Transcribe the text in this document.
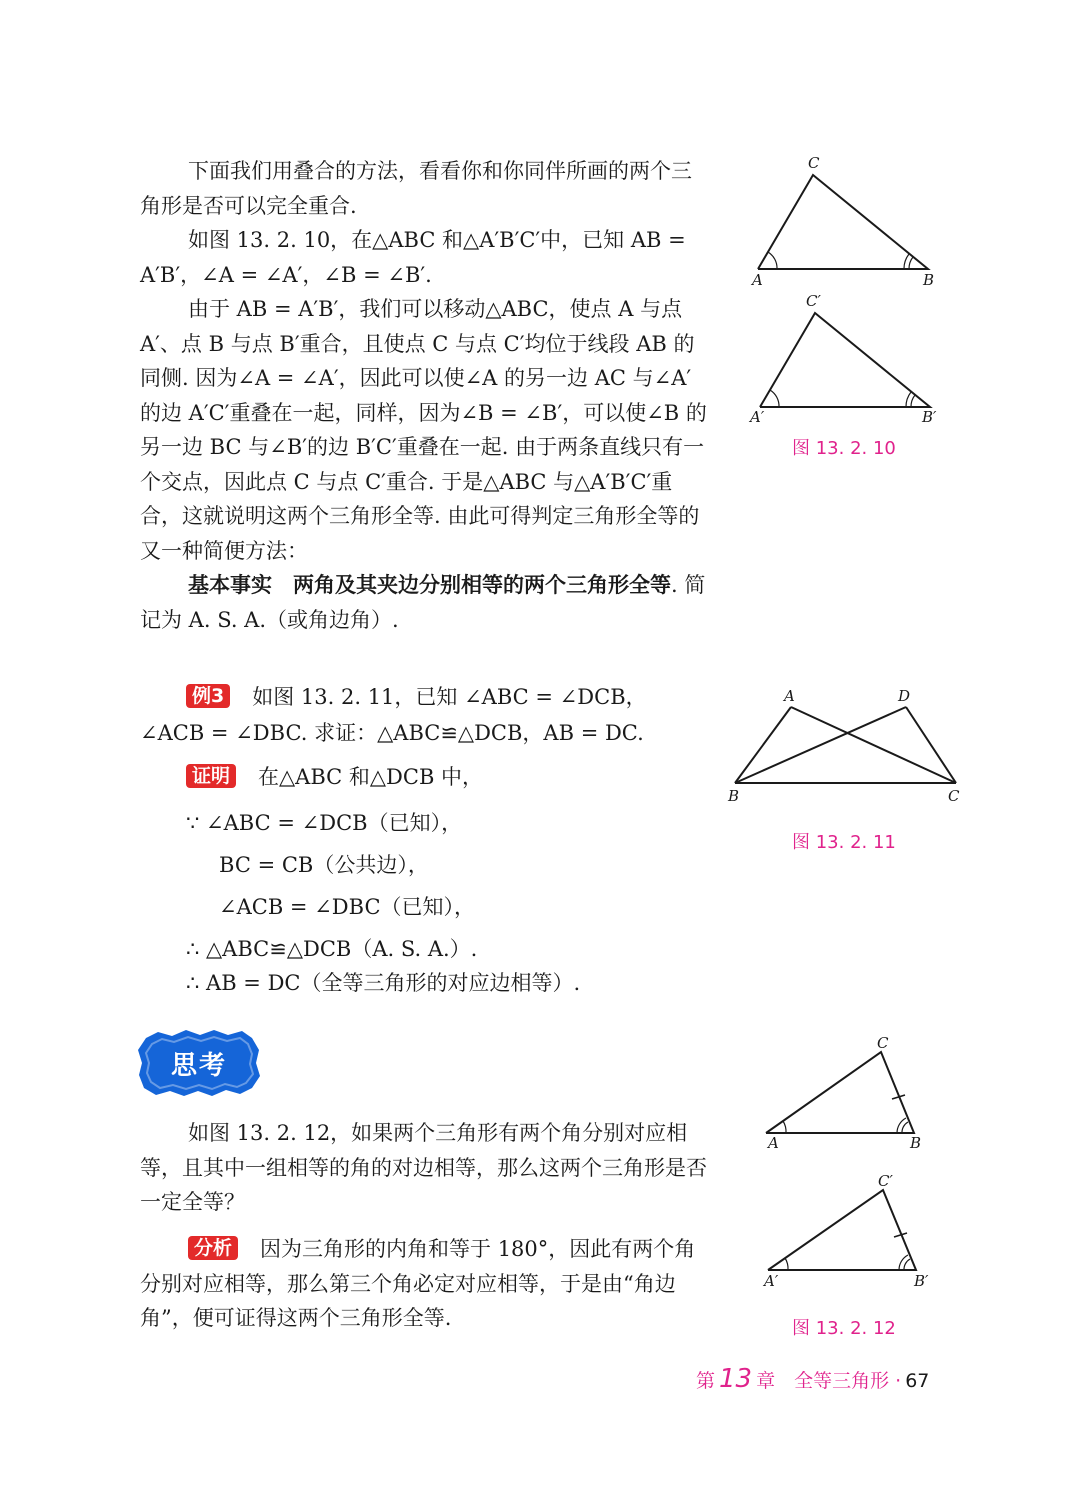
下面我们用叠合的方法，看看你和你同伴所画的两个三角形是否可以完全重合.
如图 13. 2. 10，在△ABC 和△A′B′C′中，已知 AB = A′B′，∠A = ∠A′，∠B = ∠B′.
由于 AB = A′B′，我们可以移动△ABC，使点 A 与点 A′、点 B 与点 B′重合，且使点 C 与点 C′均位于线段 AB 的同侧. 因为∠A = ∠A′，因此可以使∠A 的另一边 AC 与∠A′的边 A′C′重叠在一起，同样，因为∠B = ∠B′，可以使∠B 的另一边 BC 与∠B′的边 B′C′重叠在一起. 由于两条直线只有一个交点，因此点 C 与点 C′重合. 于是△ABC 与△A′B′C′重合，这就说明这两个三角形全等. 由此可得判定三角形全等的又一种简便方法：
基本事实　两角及其夹边分别相等的两个三角形全等. 简记为 A. S. A.（或角边角）.
A	B
C
A′	B′
C′
图 13. 2. 10
例3 如图 13. 2. 11，已知 ∠ABC = ∠DCB，
∠ACB = ∠DBC. 求证：△ABC≌△DCB，AB = DC.
证明 在△ABC 和△DCB 中，
∵ ∠ABC = ∠DCB（已知），
BC = CB（公共边），
∠ACB = ∠DBC（已知），
∴ △ABC≌△DCB（A. S. A.）.
∴ AB = DC（全等三角形的对应边相等）.
A	D
B	C
图 13. 2. 11
思考
如图 13. 2. 12，如果两个三角形有两个角分别对应相等，且其中一组相等的角的对边相等，那么这两个三角形是否一定全等？
分析 因为三角形的内角和等于 180°，因此有两个角分别对应相等，那么第三个角必定对应相等，于是由“角边角”，便可证得这两个三角形全等.
A	B
C
A′	B′
C′
图 13. 2. 12
第 13 章　全等三角形 · 67
